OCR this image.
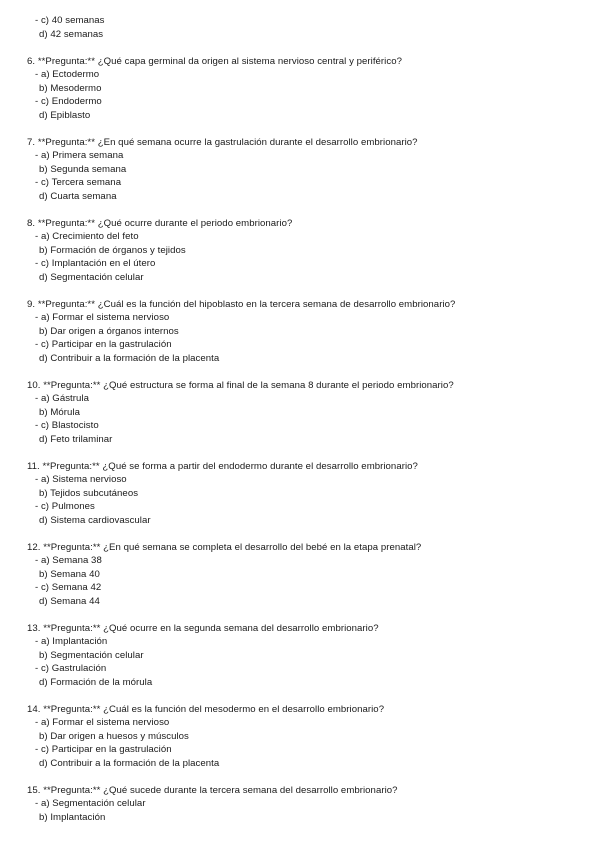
- c) 40 semanas
d) 42 semanas
6. **Pregunta:** ¿Qué capa germinal da origen al sistema nervioso central y periférico?
- a) Ectodermo
b) Mesodermo
- c) Endodermo
d) Epiblasto
7. **Pregunta:** ¿En qué semana ocurre la gastrulación durante el desarrollo embrionario?
- a) Primera semana
b) Segunda semana
- c) Tercera semana
d) Cuarta semana
8. **Pregunta:** ¿Qué ocurre durante el periodo embrionario?
- a) Crecimiento del feto
b) Formación de órganos y tejidos
- c) Implantación en el útero
d) Segmentación celular
9. **Pregunta:** ¿Cuál es la función del hipoblasto en la tercera semana de desarrollo embrionario?
- a) Formar el sistema nervioso
b) Dar origen a órganos internos
- c) Participar en la gastrulación
d) Contribuir a la formación de la placenta
10. **Pregunta:** ¿Qué estructura se forma al final de la semana 8 durante el periodo embrionario?
- a) Gástrula
b) Mórula
- c) Blastocisto
d) Feto trilaminar
11. **Pregunta:** ¿Qué se forma a partir del endodermo durante el desarrollo embrionario?
- a) Sistema nervioso
b) Tejidos subcutáneos
- c) Pulmones
d) Sistema cardiovascular
12. **Pregunta:** ¿En qué semana se completa el desarrollo del bebé en la etapa prenatal?
- a) Semana 38
b) Semana 40
- c) Semana 42
d) Semana 44
13. **Pregunta:** ¿Qué ocurre en la segunda semana del desarrollo embrionario?
- a) Implantación
b) Segmentación celular
- c) Gastrulación
d) Formación de la mórula
14. **Pregunta:** ¿Cuál es la función del mesodermo en el desarrollo embrionario?
- a) Formar el sistema nervioso
b) Dar origen a huesos y músculos
- c) Participar en la gastrulación
d) Contribuir a la formación de la placenta
15. **Pregunta:** ¿Qué sucede durante la tercera semana del desarrollo embrionario?
- a) Segmentación celular
b) Implantación
